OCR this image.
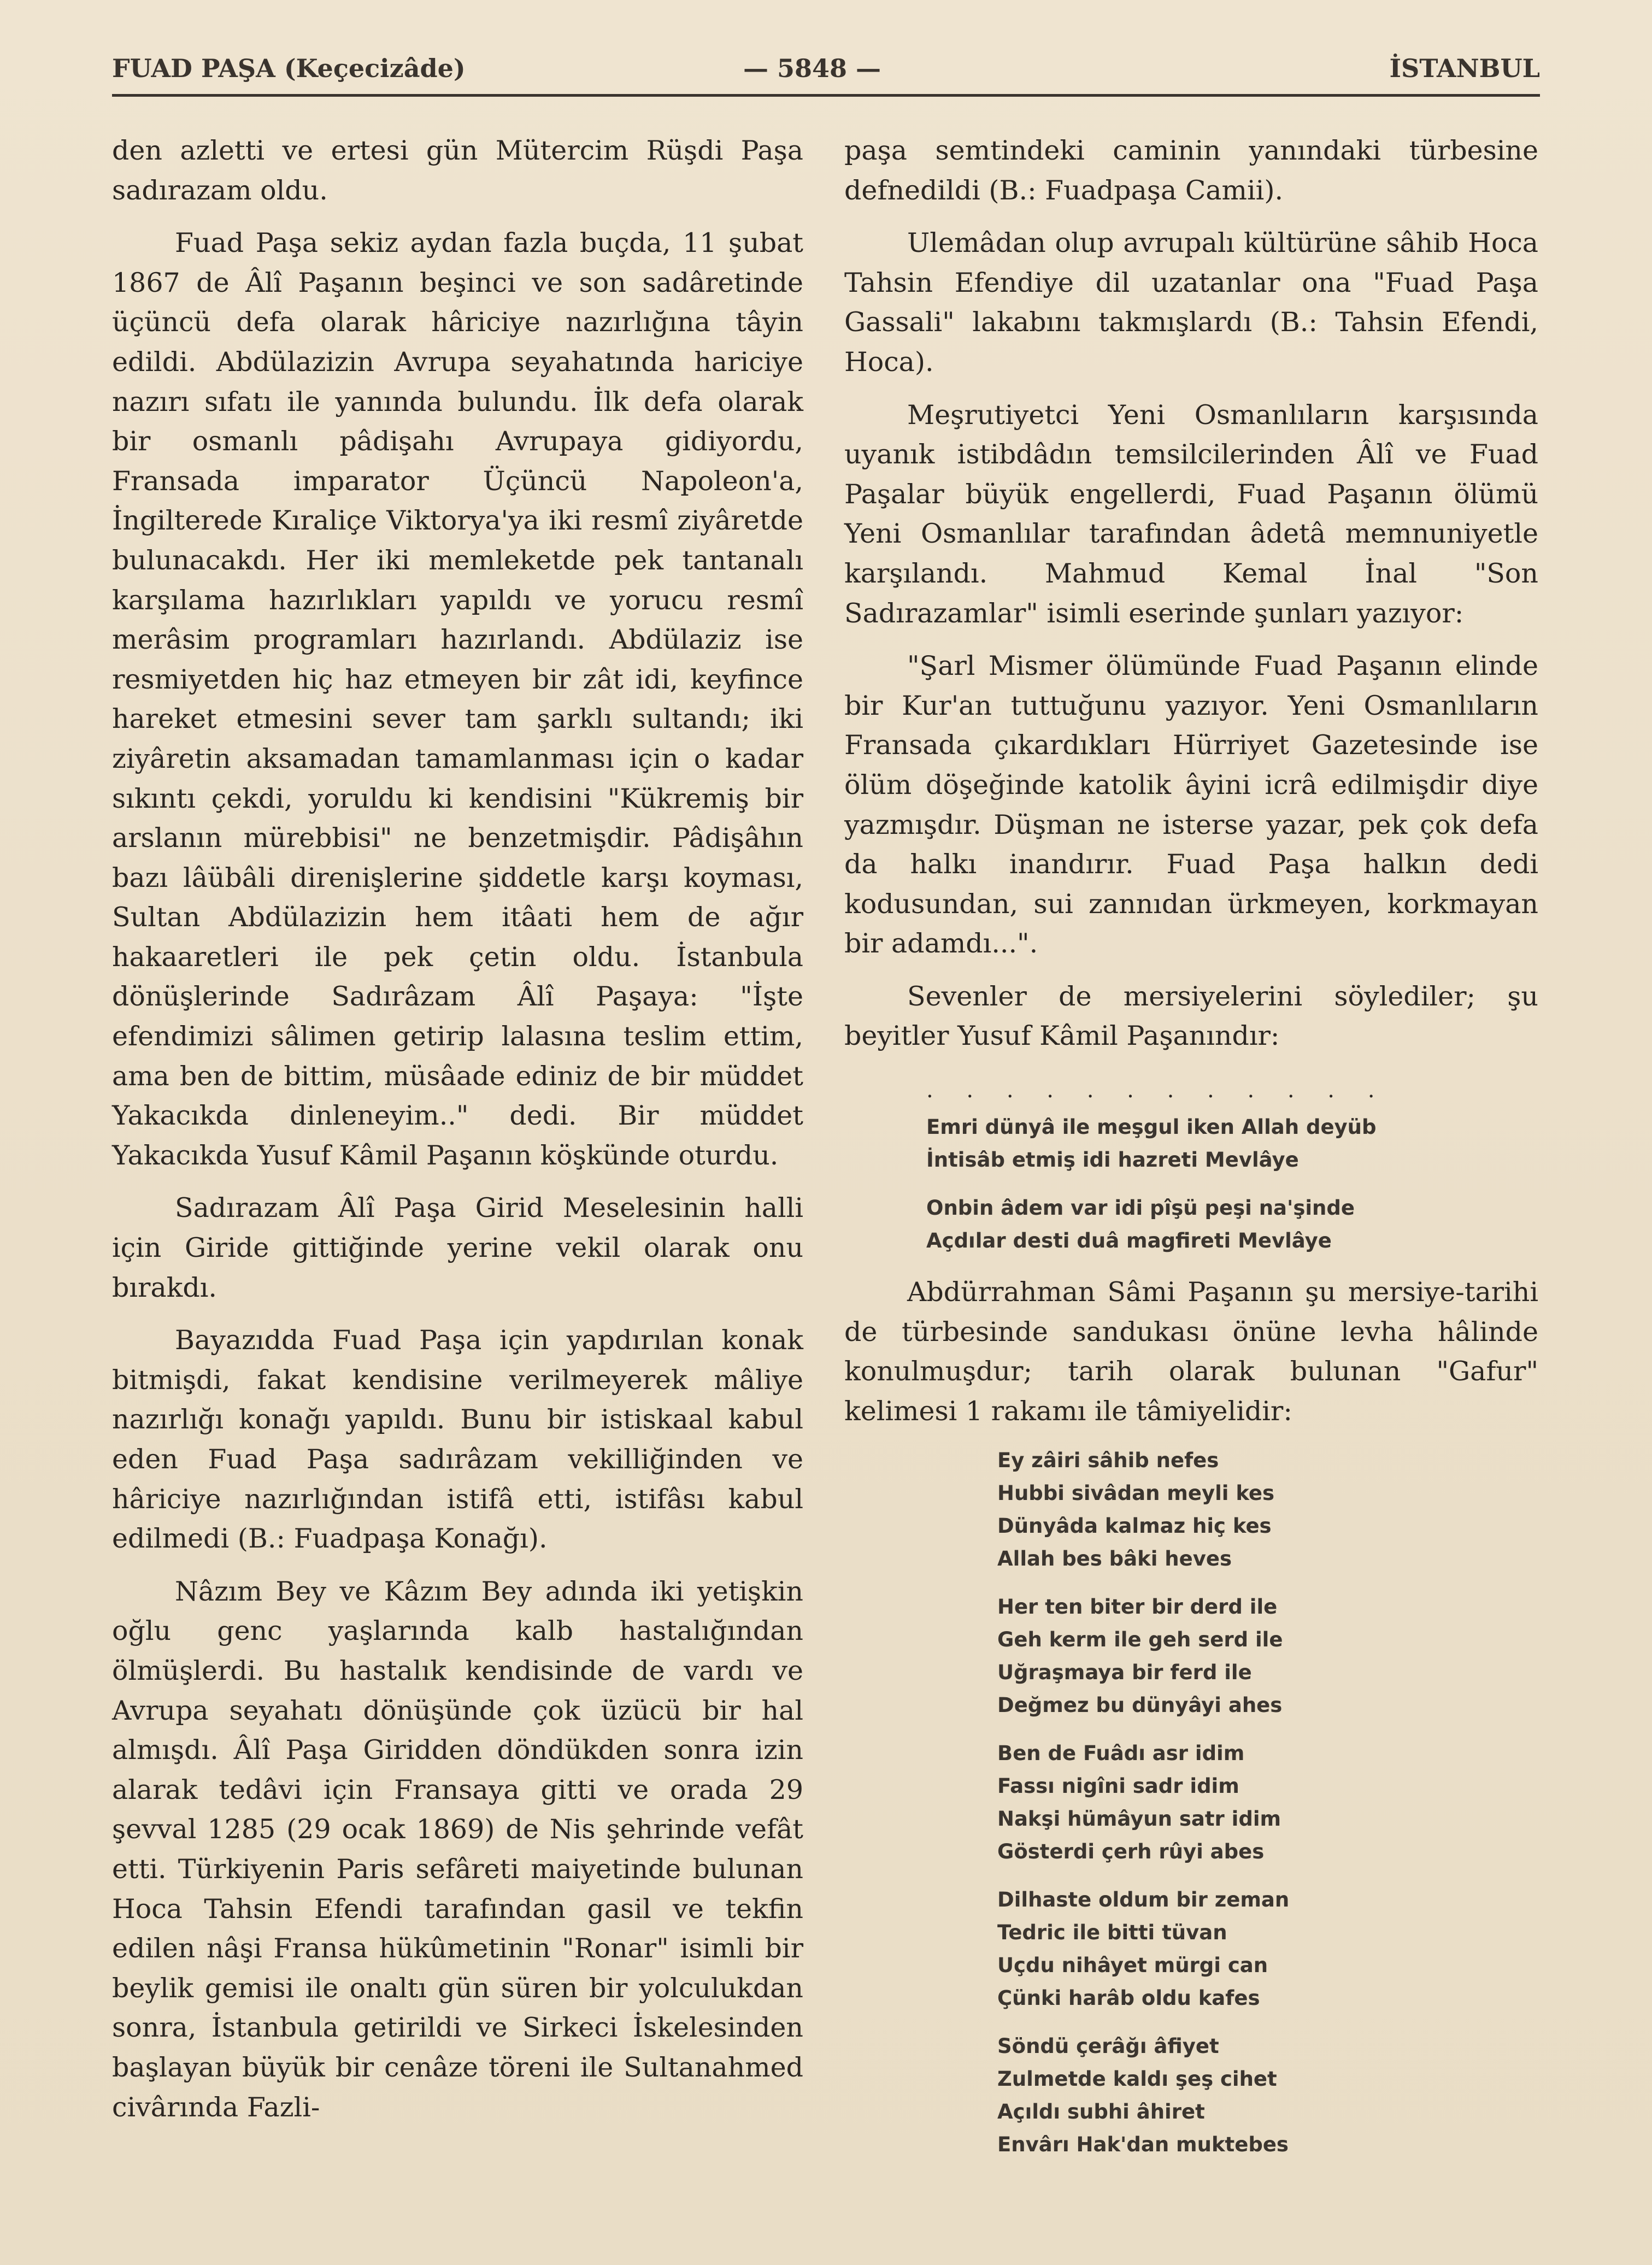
FUAD PAŞA (Keçecizâde)	— 5848 —	İSTANBUL

den azletti ve ertesi gün Mütercim Rüşdi Paşa sadırazam oldu.

Fuad Paşa sekiz aydan fazla buçda, 11 şubat 1867 de Âlî Paşanın beşinci ve son sadâretinde üçüncü defa olarak hâriciye nazırlığına tâyin edildi. Abdülazizin Avrupa seyahatında hariciye nazırı sıfatı ile yanında bulundu. İlk defa olarak bir osmanlı pâdişahı Avrupaya gidiyordu, Fransada imparator Üçüncü Napoleon'a, İngilterede Kıraliçe Viktorya'ya iki resmî ziyâretde bulunacakdı. Her iki memleketde pek tantanalı karşılama hazırlıkları yapıldı ve yorucu resmî merâsim programları hazırlandı. Abdülaziz ise resmiyetden hiç haz etmeyen bir zât idi, keyfince hareket etmesini sever tam şarklı sultandı; iki ziyâretin aksamadan tamamlanması için o kadar sıkıntı çekdi, yoruldu ki kendisini "Kükremiş bir arslanın mürebbisi" ne benzetmişdir. Pâdişâhın bazı lâübâli direnişlerine şiddetle karşı koyması, Sultan Abdülazizin hem itâati hem de ağır hakaaretleri ile pek çetin oldu. İstanbula dönüşlerinde Sadırâzam Âlî Paşaya: "İşte efendimizi sâlimen getirip lalasına teslim ettim, ama ben de bittim, müsâade ediniz de bir müddet Yakacıkda dinleneyim.." dedi. Bir müddet Yakacıkda Yusuf Kâmil Paşanın köşkünde oturdu.

Sadırazam Âlî Paşa Girid Meselesinin halli için Giride gittiğinde yerine vekil olarak onu bırakdı.

Bayazıdda Fuad Paşa için yapdırılan konak bitmişdi, fakat kendisine verilmeyerek mâliye nazırlığı konağı yapıldı. Bunu bir istiskaal kabul eden Fuad Paşa sadırâzam vekilliğinden ve hâriciye nazırlığından istifâ etti, istifâsı kabul edilmedi (B.: Fuadpaşa Konağı).

Nâzım Bey ve Kâzım Bey adında iki yetişkin oğlu genc yaşlarında kalb hastalığından ölmüşlerdi. Bu hastalık kendisinde de vardı ve Avrupa seyahatı dönüşünde çok üzücü bir hal almışdı. Âlî Paşa Giridden döndükden sonra izin alarak tedâvi için Fransaya gitti ve orada 29 şevval 1285 (29 ocak 1869) de Nis şehrinde vefât etti. Türkiyenin Paris sefâreti maiyetinde bulunan Hoca Tahsin Efendi tarafından gasil ve tekfin edilen nâşi Fransa hükûmetinin "Ronar" isimli bir beylik gemisi ile onaltı gün süren bir yolculukdan sonra, İstanbula getirildi ve Sirkeci İskelesinden başlayan büyük bir cenâze töreni ile Sultanahmed civârında Fazli-

paşa semtindeki caminin yanındaki türbesine defnedildi (B.: Fuadpaşa Camii).

Ulemâdan olup avrupalı kültürüne sâhib Hoca Tahsin Efendiye dil uzatanlar ona "Fuad Paşa Gassali" lakabını takmışlardı (B.: Tahsin Efendi, Hoca).

Meşrutiyetci Yeni Osmanlıların karşısında uyanık istibdâdın temsilcilerinden Âlî ve Fuad Paşalar büyük engellerdi, Fuad Paşanın ölümü Yeni Osmanlılar tarafından âdetâ memnuniyetle karşılandı. Mahmud Kemal İnal "Son Sadırazamlar" isimli eserinde şunları yazıyor:

"Şarl Mismer ölümünde Fuad Paşanın elinde bir Kur'an tuttuğunu yazıyor. Yeni Osmanlıların Fransada çıkardıkları Hürriyet Gazetesinde ise ölüm döşeğinde katolik âyini icrâ edilmişdir diye yazmışdır. Düşman ne isterse yazar, pek çok defa da halkı inandırır. Fuad Paşa halkın dedi kodusundan, sui zannıdan ürkmeyen, korkmayan bir adamdı...".

Sevenler de mersiyelerini söylediler; şu beyitler Yusuf Kâmil Paşanındır:

. . . . . . . . . . . .
Emri dünyâ ile meşgul iken Allah deyüb
İntisâb etmiş idi hazreti Mevlâye
Onbin âdem var idi pîşü peşi na'şinde
Açdılar desti duâ magfireti Mevlâye

Abdürrahman Sâmi Paşanın şu mersiye-tarihi de türbesinde sandukası önüne levha hâlinde konulmuşdur; tarih olarak bulunan "Gafur" kelimesi 1 rakamı ile tâmiyelidir:

Ey zâiri sâhib nefes
Hubbi sivâdan meyli kes
Dünyâda kalmaz hiç kes
Allah bes bâki heves
Her ten biter bir derd ile
Geh kerm ile geh serd ile
Uğraşmaya bir ferd ile
Değmez bu dünyâyi ahes
Ben de Fuâdı asr idim
Fassı nigîni sadr idim
Nakşi hümâyun satr idim
Gösterdi çerh rûyi abes
Dilhaste oldum bir zeman
Tedric ile bitti tüvan
Uçdu nihâyet mürgi can
Çünki harâb oldu kafes
Söndü çerâğı âfiyet
Zulmetde kaldı şeş cihet
Açıldı subhi âhiret
Envârı Hak'dan muktebes
